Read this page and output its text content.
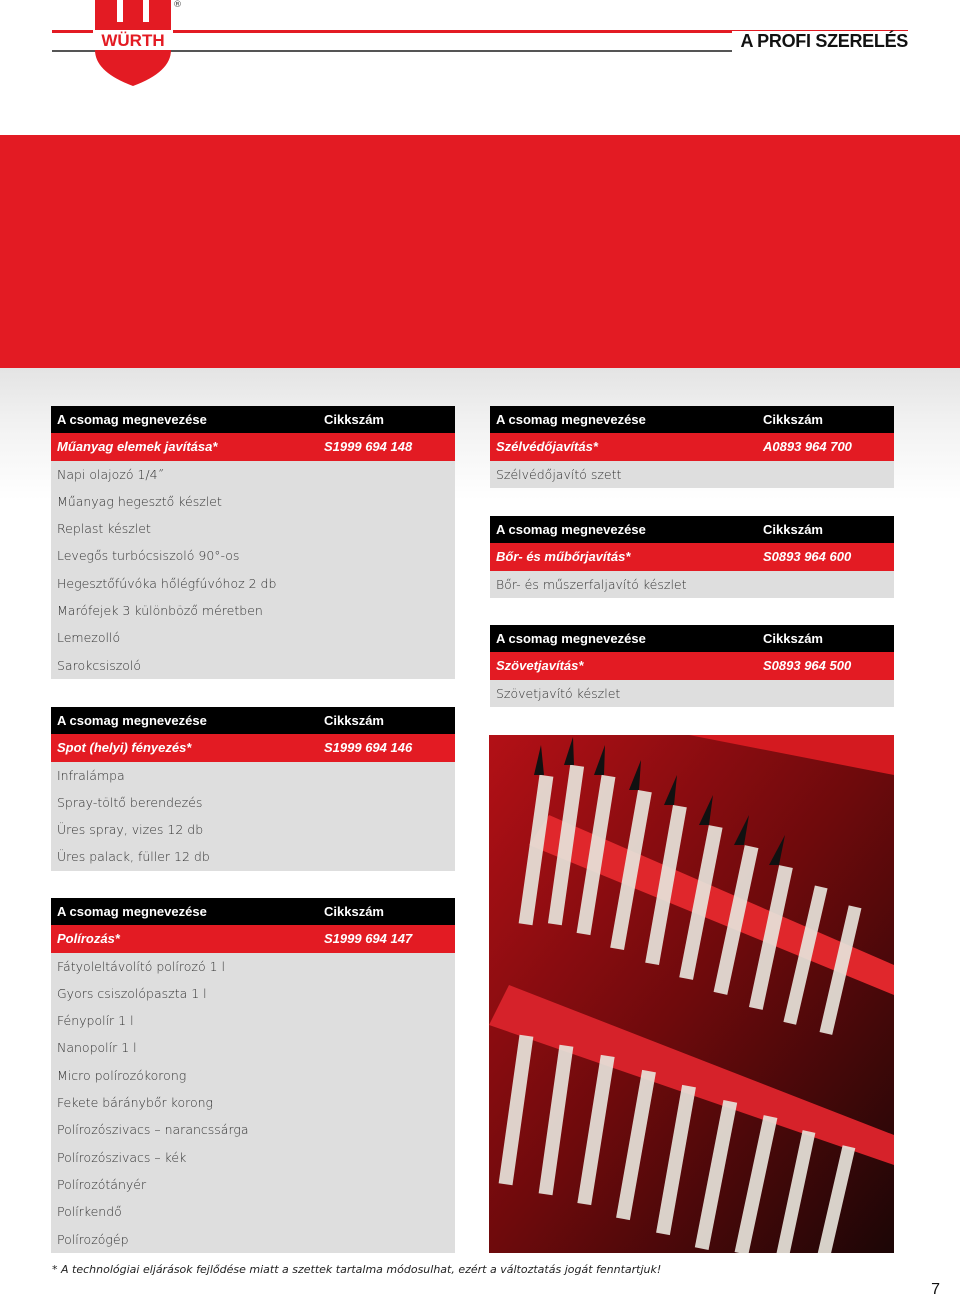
WÜRTH
®
A PROFI SZERELÉS
A csomag megnevezése	Cikkszám
Műanyag elemek javítása*	S1999 694 148
Napi olajozó 1/4˝
Műanyag hegesztő készlet
Replast készlet
Levegős turbócsiszoló 90°-os
Hegesztőfúvóka hőlégfúvóhoz 2 db
Marófejek 3 különböző méretben
Lemezolló
Sarokcsiszoló
A csomag megnevezése	Cikkszám
Spot (helyi) fényezés*	S1999 694 146
Infralámpa
Spray-töltő berendezés
Üres spray, vizes 12 db
Üres palack, füller 12 db
A csomag megnevezése	Cikkszám
Polírozás*	S1999 694 147
Fátyoleltávolító polírozó 1 l
Gyors csiszolópaszta 1 l
Fénypolír 1 l
Nanopolír 1 l
Micro polírozókorong
Fekete báránybőr korong
Polírozószivacs – narancssárga
Polírozószivacs – kék
Polírozótányér
Polírkendő
Polírozógép
A csomag megnevezése	Cikkszám
Szélvédőjavítás*	A0893 964 700
Szélvédőjavító szett
A csomag megnevezése	Cikkszám
Bőr- és műbőrjavítás*	S0893 964 600
Bőr- és műszerfaljavító készlet
A csomag megnevezése	Cikkszám
Szövetjavítás*	S0893 964 500
Szövetjavító készlet
* A technológiai eljárások fejlődése miatt a szettek tartalma módosulhat, ezért a változtatás jogát fenntartjuk!
7
